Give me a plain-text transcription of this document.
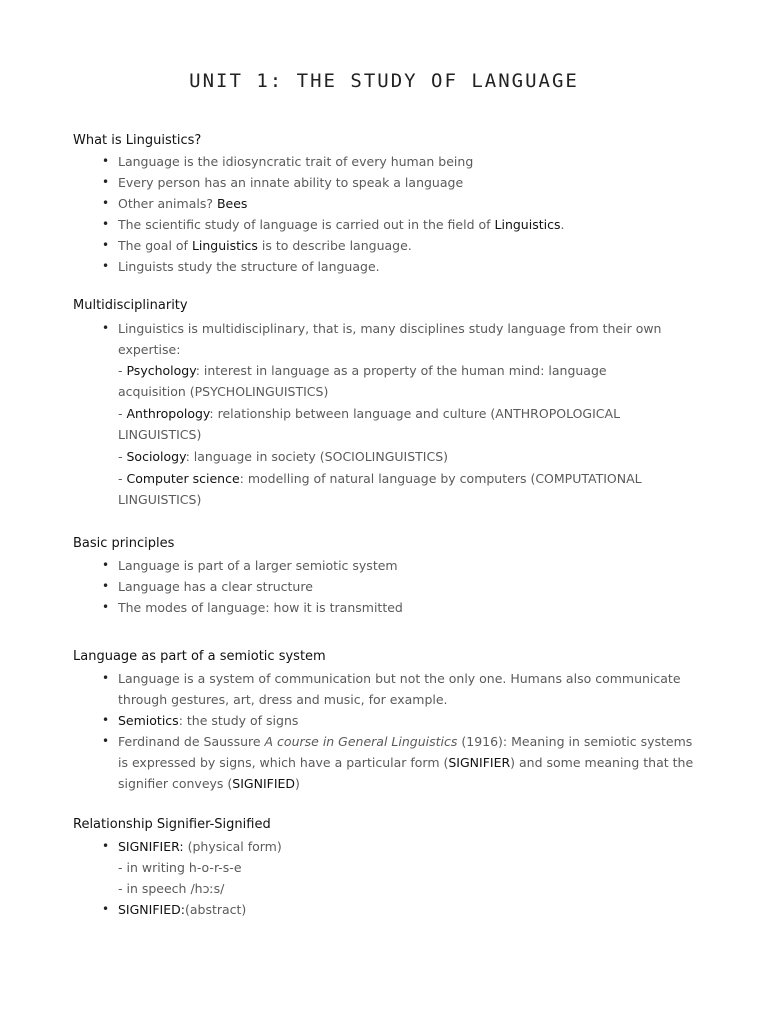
UNIT 1: THE STUDY OF LANGUAGE
What is Linguistics?
• Language is the idiosyncratic trait of every human being
• Every person has an innate ability to speak a language
• Other animals? Bees
• The scientific study of language is carried out in the field of Linguistics.
• The goal of Linguistics is to describe language.
• Linguists study the structure of language.
Multidisciplinarity
• Linguistics is multidisciplinary, that is, many disciplines study language from their own expertise:
- Psychology: interest in language as a property of the human mind: language acquisition (PSYCHOLINGUISTICS)
- Anthropology: relationship between language and culture (ANTHROPOLOGICAL LINGUISTICS)
- Sociology: language in society (SOCIOLINGUISTICS)
- Computer science: modelling of natural language by computers (COMPUTATIONAL LINGUISTICS)
Basic principles
• Language is part of a larger semiotic system
• Language has a clear structure
• The modes of language: how it is transmitted
Language as part of a semiotic system
• Language is a system of communication but not the only one. Humans also communicate through gestures, art, dress and music, for example.
• Semiotics: the study of signs
• Ferdinand de Saussure A course in General Linguistics (1916): Meaning in semiotic systems is expressed by signs, which have a particular form (SIGNIFIER) and some meaning that the signifier conveys (SIGNIFIED)
Relationship Signifier-Signified
• SIGNIFIER: (physical form)
- in writing h-o-r-s-e
- in speech /hɔːs/
• SIGNIFIED:(abstract)
